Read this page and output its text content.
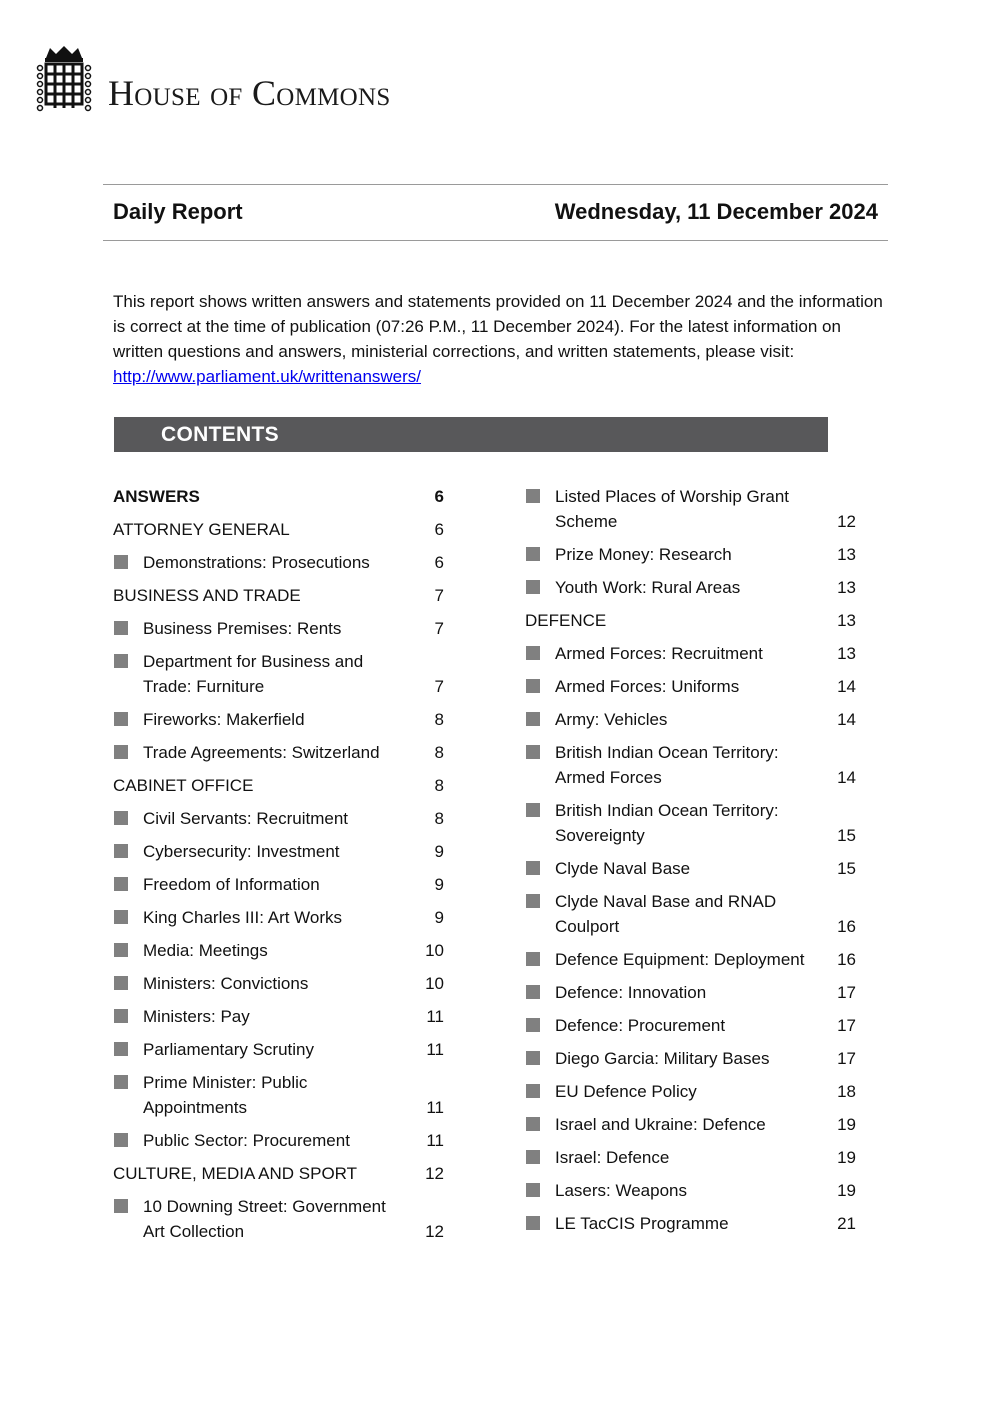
House of Commons
Daily Report	Wednesday, 11 December 2024
This report shows written answers and statements provided on 11 December 2024 and the information is correct at the time of publication (07:26 P.M., 11 December 2024). For the latest information on written questions and answers, ministerial corrections, and written statements, please visit: http://www.parliament.uk/writtenanswers/
CONTENTS
ANSWERS	6
ATTORNEY GENERAL	6
Demonstrations: Prosecutions	6
BUSINESS AND TRADE	7
Business Premises: Rents	7
Department for Business and Trade: Furniture	7
Fireworks: Makerfield	8
Trade Agreements: Switzerland	8
CABINET OFFICE	8
Civil Servants: Recruitment	8
Cybersecurity: Investment	9
Freedom of Information	9
King Charles III: Art Works	9
Media: Meetings	10
Ministers: Convictions	10
Ministers: Pay	11
Parliamentary Scrutiny	11
Prime Minister: Public Appointments	11
Public Sector: Procurement	11
CULTURE, MEDIA AND SPORT	12
10 Downing Street: Government Art Collection	12
Listed Places of Worship Grant Scheme	12
Prize Money: Research	13
Youth Work: Rural Areas	13
DEFENCE	13
Armed Forces: Recruitment	13
Armed Forces: Uniforms	14
Army: Vehicles	14
British Indian Ocean Territory: Armed Forces	14
British Indian Ocean Territory: Sovereignty	15
Clyde Naval Base	15
Clyde Naval Base and RNAD Coulport	16
Defence Equipment: Deployment	16
Defence: Innovation	17
Defence: Procurement	17
Diego Garcia: Military Bases	17
EU Defence Policy	18
Israel and Ukraine: Defence	19
Israel: Defence	19
Lasers: Weapons	19
LE TacCIS Programme	21
